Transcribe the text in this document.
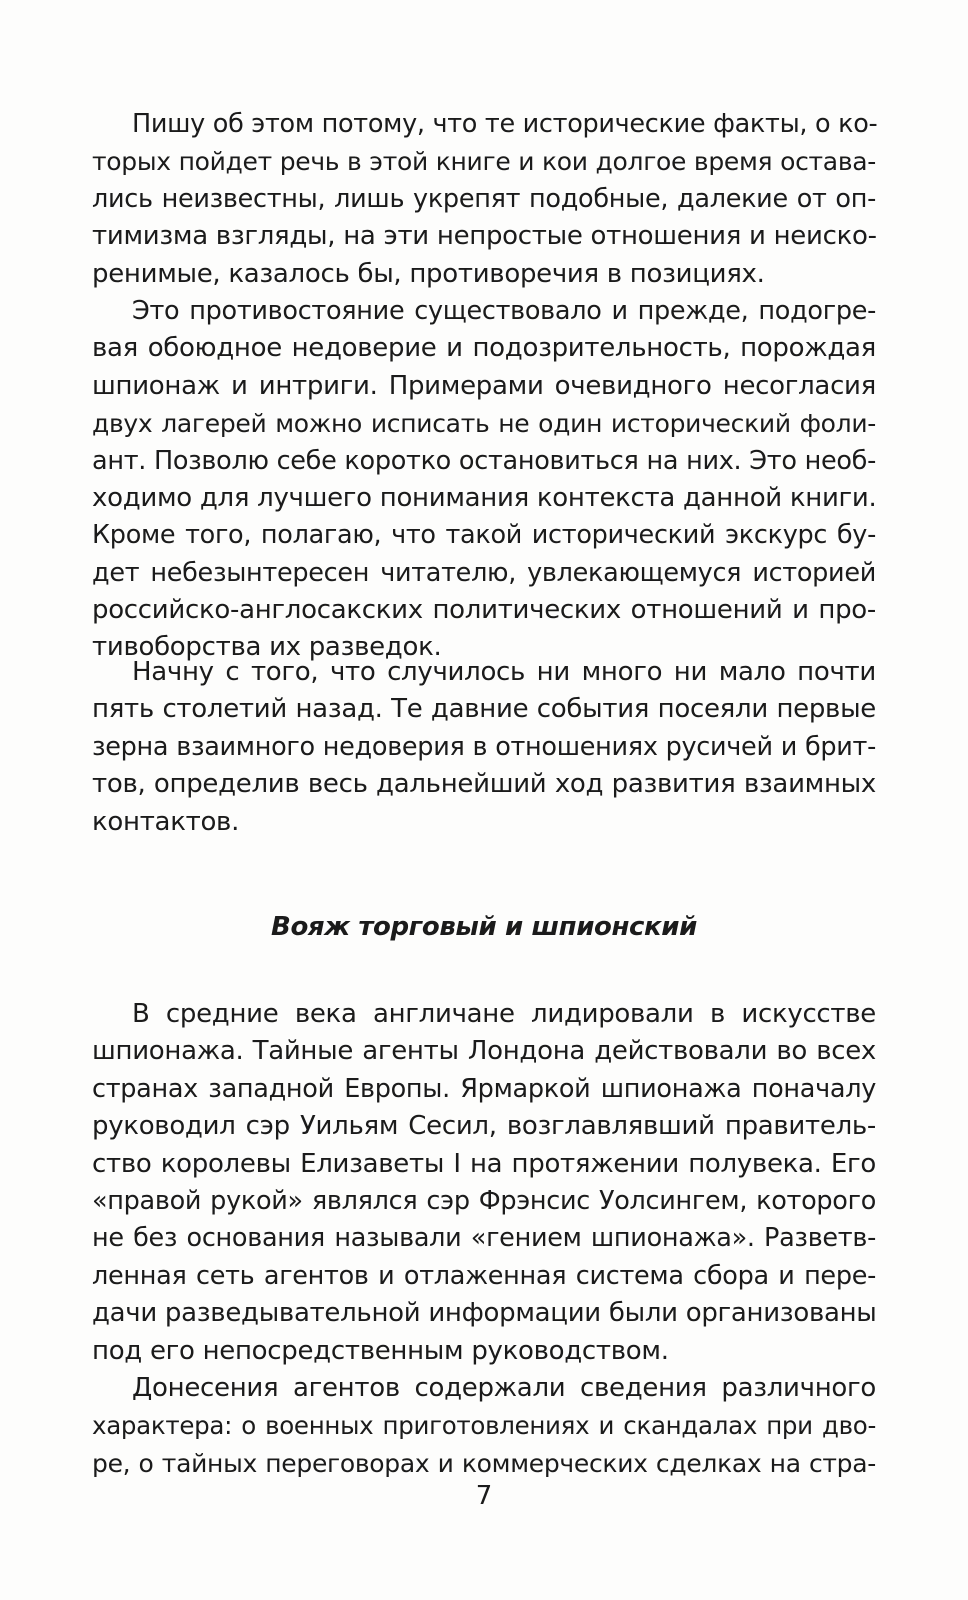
Пишу об этом потому, что те исторические факты, о ко-
торых пойдет речь в этой книге и кои долгое время остава-
лись неизвестны, лишь укрепят подобные, далекие от оп-
тимизма взгляды, на эти непростые отношения и неиско-
ренимые, казалось бы, противоречия в позициях.
Это противостояние существовало и прежде, подогре-
вая обоюдное недоверие и подозрительность, порождая
шпионаж и интриги. Примерами очевидного несогласия
двух лагерей можно исписать не один исторический фоли-
ант. Позволю себе коротко остановиться на них. Это необ-
ходимо для лучшего понимания контекста данной книги.
Кроме того, полагаю, что такой исторический экскурс бу-
дет небезынтересен читателю, увлекающемуся историей
российско-англосакских политических отношений и про-
тивоборства их разведок.
Начну с того, что случилось ни много ни мало почти
пять столетий назад. Те давние события посеяли первые
зерна взаимного недоверия в отношениях русичей и брит-
тов, определив весь дальнейший ход развития взаимных
контактов.
Вояж торговый и шпионский
В средние века англичане лидировали в искусстве
шпионажа. Тайные агенты Лондона действовали во всех
странах западной Европы. Ярмаркой шпионажа поначалу
руководил сэр Уильям Сесил, возглавлявший правитель-
ство королевы Елизаветы I на протяжении полувека. Его
«правой рукой» являлся сэр Фрэнсис Уолсингем, которого
не без основания называли «гением шпионажа». Разветв-
ленная сеть агентов и отлаженная система сбора и пере-
дачи разведывательной информации были организованы
под его непосредственным руководством.
Донесения агентов содержали сведения различного
характера: о военных приготовлениях и скандалах при дво-
ре, о тайных переговорах и коммерческих сделках на стра-
7
